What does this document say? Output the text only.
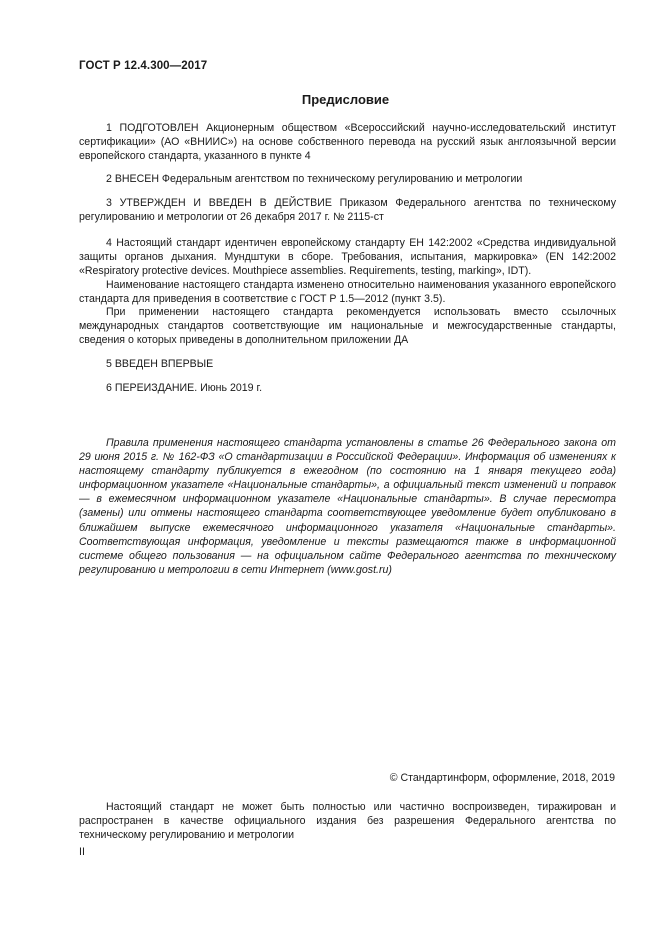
ГОСТ Р 12.4.300—2017
Предисловие

1 ПОДГОТОВЛЕН Акционерным обществом «Всероссийский научно-исследовательский институт сертификации» (АО «ВНИИС») на основе собственного перевода на русский язык англоязычной версии европейского стандарта, указанного в пункте 4

2 ВНЕСЕН Федеральным агентством по техническому регулированию и метрологии

3 УТВЕРЖДЕН И ВВЕДЕН В ДЕЙСТВИЕ Приказом Федерального агентства по техническому регулированию и метрологии от 26 декабря 2017 г. № 2115-ст

4 Настоящий стандарт идентичен европейскому стандарту ЕН 142:2002 «Средства индивидуальной защиты органов дыхания. Мундштуки в сборе. Требования, испытания, маркировка» (EN 142:2002 «Respiratory protective devices. Mouthpiece assemblies. Requirements, testing, marking», IDT).

Наименование настоящего стандарта изменено относительно наименования указанного европейского стандарта для приведения в соответствие с ГОСТ Р 1.5—2012 (пункт 3.5).

При применении настоящего стандарта рекомендуется использовать вместо ссылочных международных стандартов соответствующие им национальные и межгосударственные стандарты, сведения о которых приведены в дополнительном приложении ДА

5 ВВЕДЕН ВПЕРВЫЕ

6 ПЕРЕИЗДАНИЕ. Июнь 2019 г.

Правила применения настоящего стандарта установлены в статье 26 Федерального закона от 29 июня 2015 г. № 162-ФЗ «О стандартизации в Российской Федерации». Информация об изменениях к настоящему стандарту публикуется в ежегодном (по состоянию на 1 января текущего года) информационном указателе «Национальные стандарты», а официальный текст изменений и поправок — в ежемесячном информационном указателе «Национальные стандарты». В случае пересмотра (замены) или отмены настоящего стандарта соответствующее уведомление будет опубликовано в ближайшем выпуске ежемесячного информационного указателя «Национальные стандарты». Соответствующая информация, уведомление и тексты размещаются также в информационной системе общего пользования — на официальном сайте Федерального агентства по техническому регулированию и метрологии в сети Интернет (www.gost.ru)

© Стандартинформ, оформление, 2018, 2019

Настоящий стандарт не может быть полностью или частично воспроизведен, тиражирован и распространен в качестве официального издания без разрешения Федерального агентства по техническому регулированию и метрологии

II
